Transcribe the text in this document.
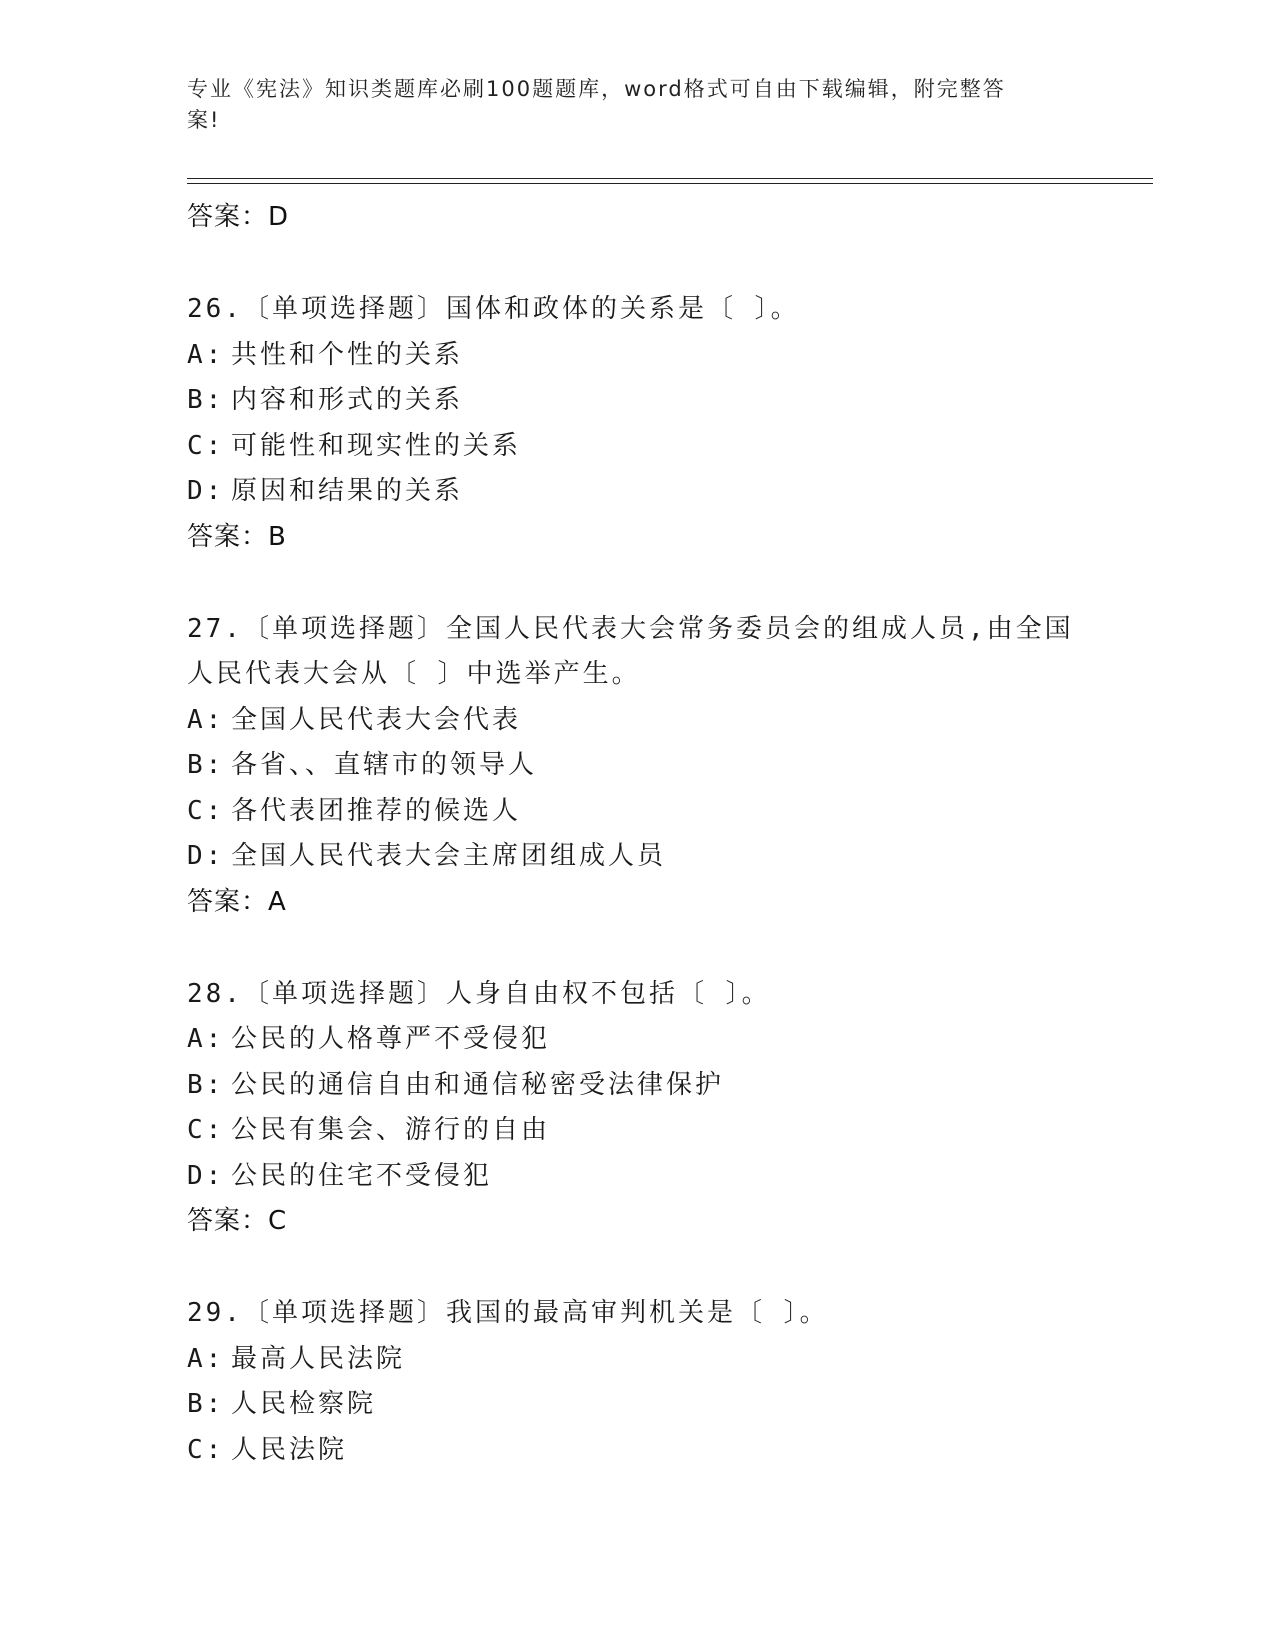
专业《宪法》知识类题库必刷100题题库，word格式可自由下载编辑，附完整答
案!
答案：D
26.〔单项选择题〕国体和政体的关系是〔 〕。
A: 共性和个性的关系
B: 内容和形式的关系
C: 可能性和现实性的关系
D: 原因和结果的关系
答案：B
27.〔单项选择题〕全国人民代表大会常务委员会的组成人员,由全国
人民代表大会从〔 〕中选举产生。
A: 全国人民代表大会代表
B: 各省、、直辖市的领导人
C: 各代表团推荐的候选人
D: 全国人民代表大会主席团组成人员
答案：A
28.〔单项选择题〕人身自由权不包括〔 〕。
A: 公民的人格尊严不受侵犯
B: 公民的通信自由和通信秘密受法律保护
C: 公民有集会、游行的自由
D: 公民的住宅不受侵犯
答案：C
29.〔单项选择题〕我国的最高审判机关是〔 〕。
A: 最高人民法院
B: 人民检察院
C: 人民法院
